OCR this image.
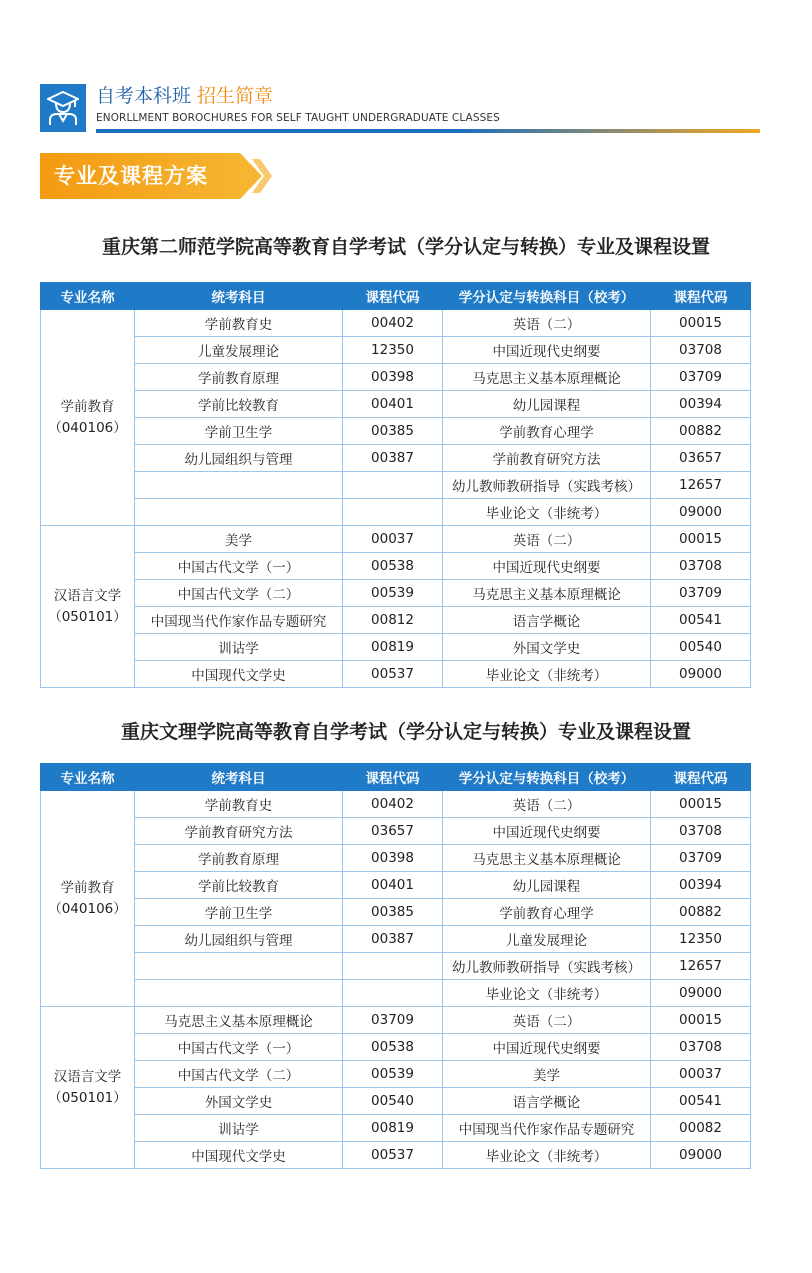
自考本科班 招生简章
ENORLLMENT BOROCHURES FOR SELF TAUGHT UNDERGRADUATE CLASSES
专业及课程方案
重庆第二师范学院高等教育自学考试（学分认定与转换）专业及课程设置
专业名称	统考科目	课程代码	学分认定与转换科目（校考）	课程代码

学前教育
（040106）	学前教育史	00402	英语（二）	00015
	儿童发展理论	12350	中国近现代史纲要	03708
	学前教育原理	00398	马克思主义基本原理概论	03709
	学前比较教育	00401	幼儿园课程	00394
	学前卫生学	00385	学前教育心理学	00882
	幼儿园组织与管理	00387	学前教育研究方法	03657
			幼儿教师教研指导（实践考核）	12657
			毕业论文（非统考）	09000

汉语言文学
（050101）	美学	00037	英语（二）	00015
	中国古代文学（一）	00538	中国近现代史纲要	03708
	中国古代文学（二）	00539	马克思主义基本原理概论	03709
	中国现当代作家作品专题研究	00812	语言学概论	00541
	训诂学	00819	外国文学史	00540
	中国现代文学史	00537	毕业论文（非统考）	09000
重庆文理学院高等教育自学考试（学分认定与转换）专业及课程设置
专业名称	统考科目	课程代码	学分认定与转换科目（校考）	课程代码

学前教育
（040106）	学前教育史	00402	英语（二）	00015
	学前教育研究方法	03657	中国近现代史纲要	03708
	学前教育原理	00398	马克思主义基本原理概论	03709
	学前比较教育	00401	幼儿园课程	00394
	学前卫生学	00385	学前教育心理学	00882
	幼儿园组织与管理	00387	儿童发展理论	12350
			幼儿教师教研指导（实践考核）	12657
			毕业论文（非统考）	09000

汉语言文学
（050101）	马克思主义基本原理概论	03709	英语（二）	00015
	中国古代文学（一）	00538	中国近现代史纲要	03708
	中国古代文学（二）	00539	美学	00037
	外国文学史	00540	语言学概论	00541
	训诂学	00819	中国现当代作家作品专题研究	00082
	中国现代文学史	00537	毕业论文（非统考）	09000
